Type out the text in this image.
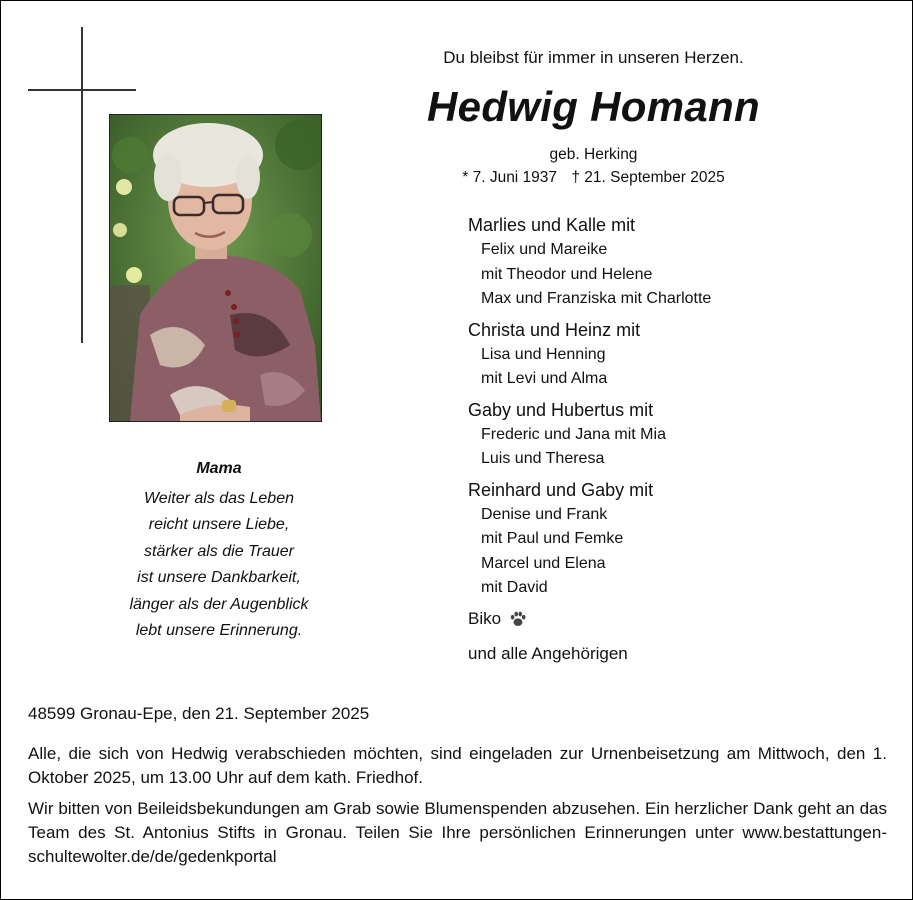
Mama
Weiter als das Leben
reicht unsere Liebe,
stärker als die Trauer
ist unsere Dankbarkeit,
länger als der Augenblick
lebt unsere Erinnerung.
Du bleibst für immer in unseren Herzen.
Hedwig Homann
geb. Herking
* 7. Juni 1937 † 21. September 2025
Marlies und Kalle mit
Felix und Mareike
mit Theodor und Helene
Max und Franziska mit Charlotte
Christa und Heinz mit
Lisa und Henning
mit Levi und Alma
Gaby und Hubertus mit
Frederic und Jana mit Mia
Luis und Theresa
Reinhard und Gaby mit
Denise und Frank
mit Paul und Femke
Marcel und Elena
mit David
Biko
und alle Angehörigen
48599 Gronau-Epe, den 21. September 2025
Alle, die sich von Hedwig verabschieden möchten, sind eingeladen zur Urnenbeisetzung am Mittwoch, den 1. Oktober 2025, um 13.00 Uhr auf dem kath. Friedhof.
Wir bitten von Beileidsbekundungen am Grab sowie Blumenspenden abzusehen. Ein herzlicher Dank geht an das Team des St. Antonius Stifts in Gronau. Teilen Sie Ihre persönlichen Erinnerungen unter www.bestattungen-schultewolter.de/de/gedenkportal
